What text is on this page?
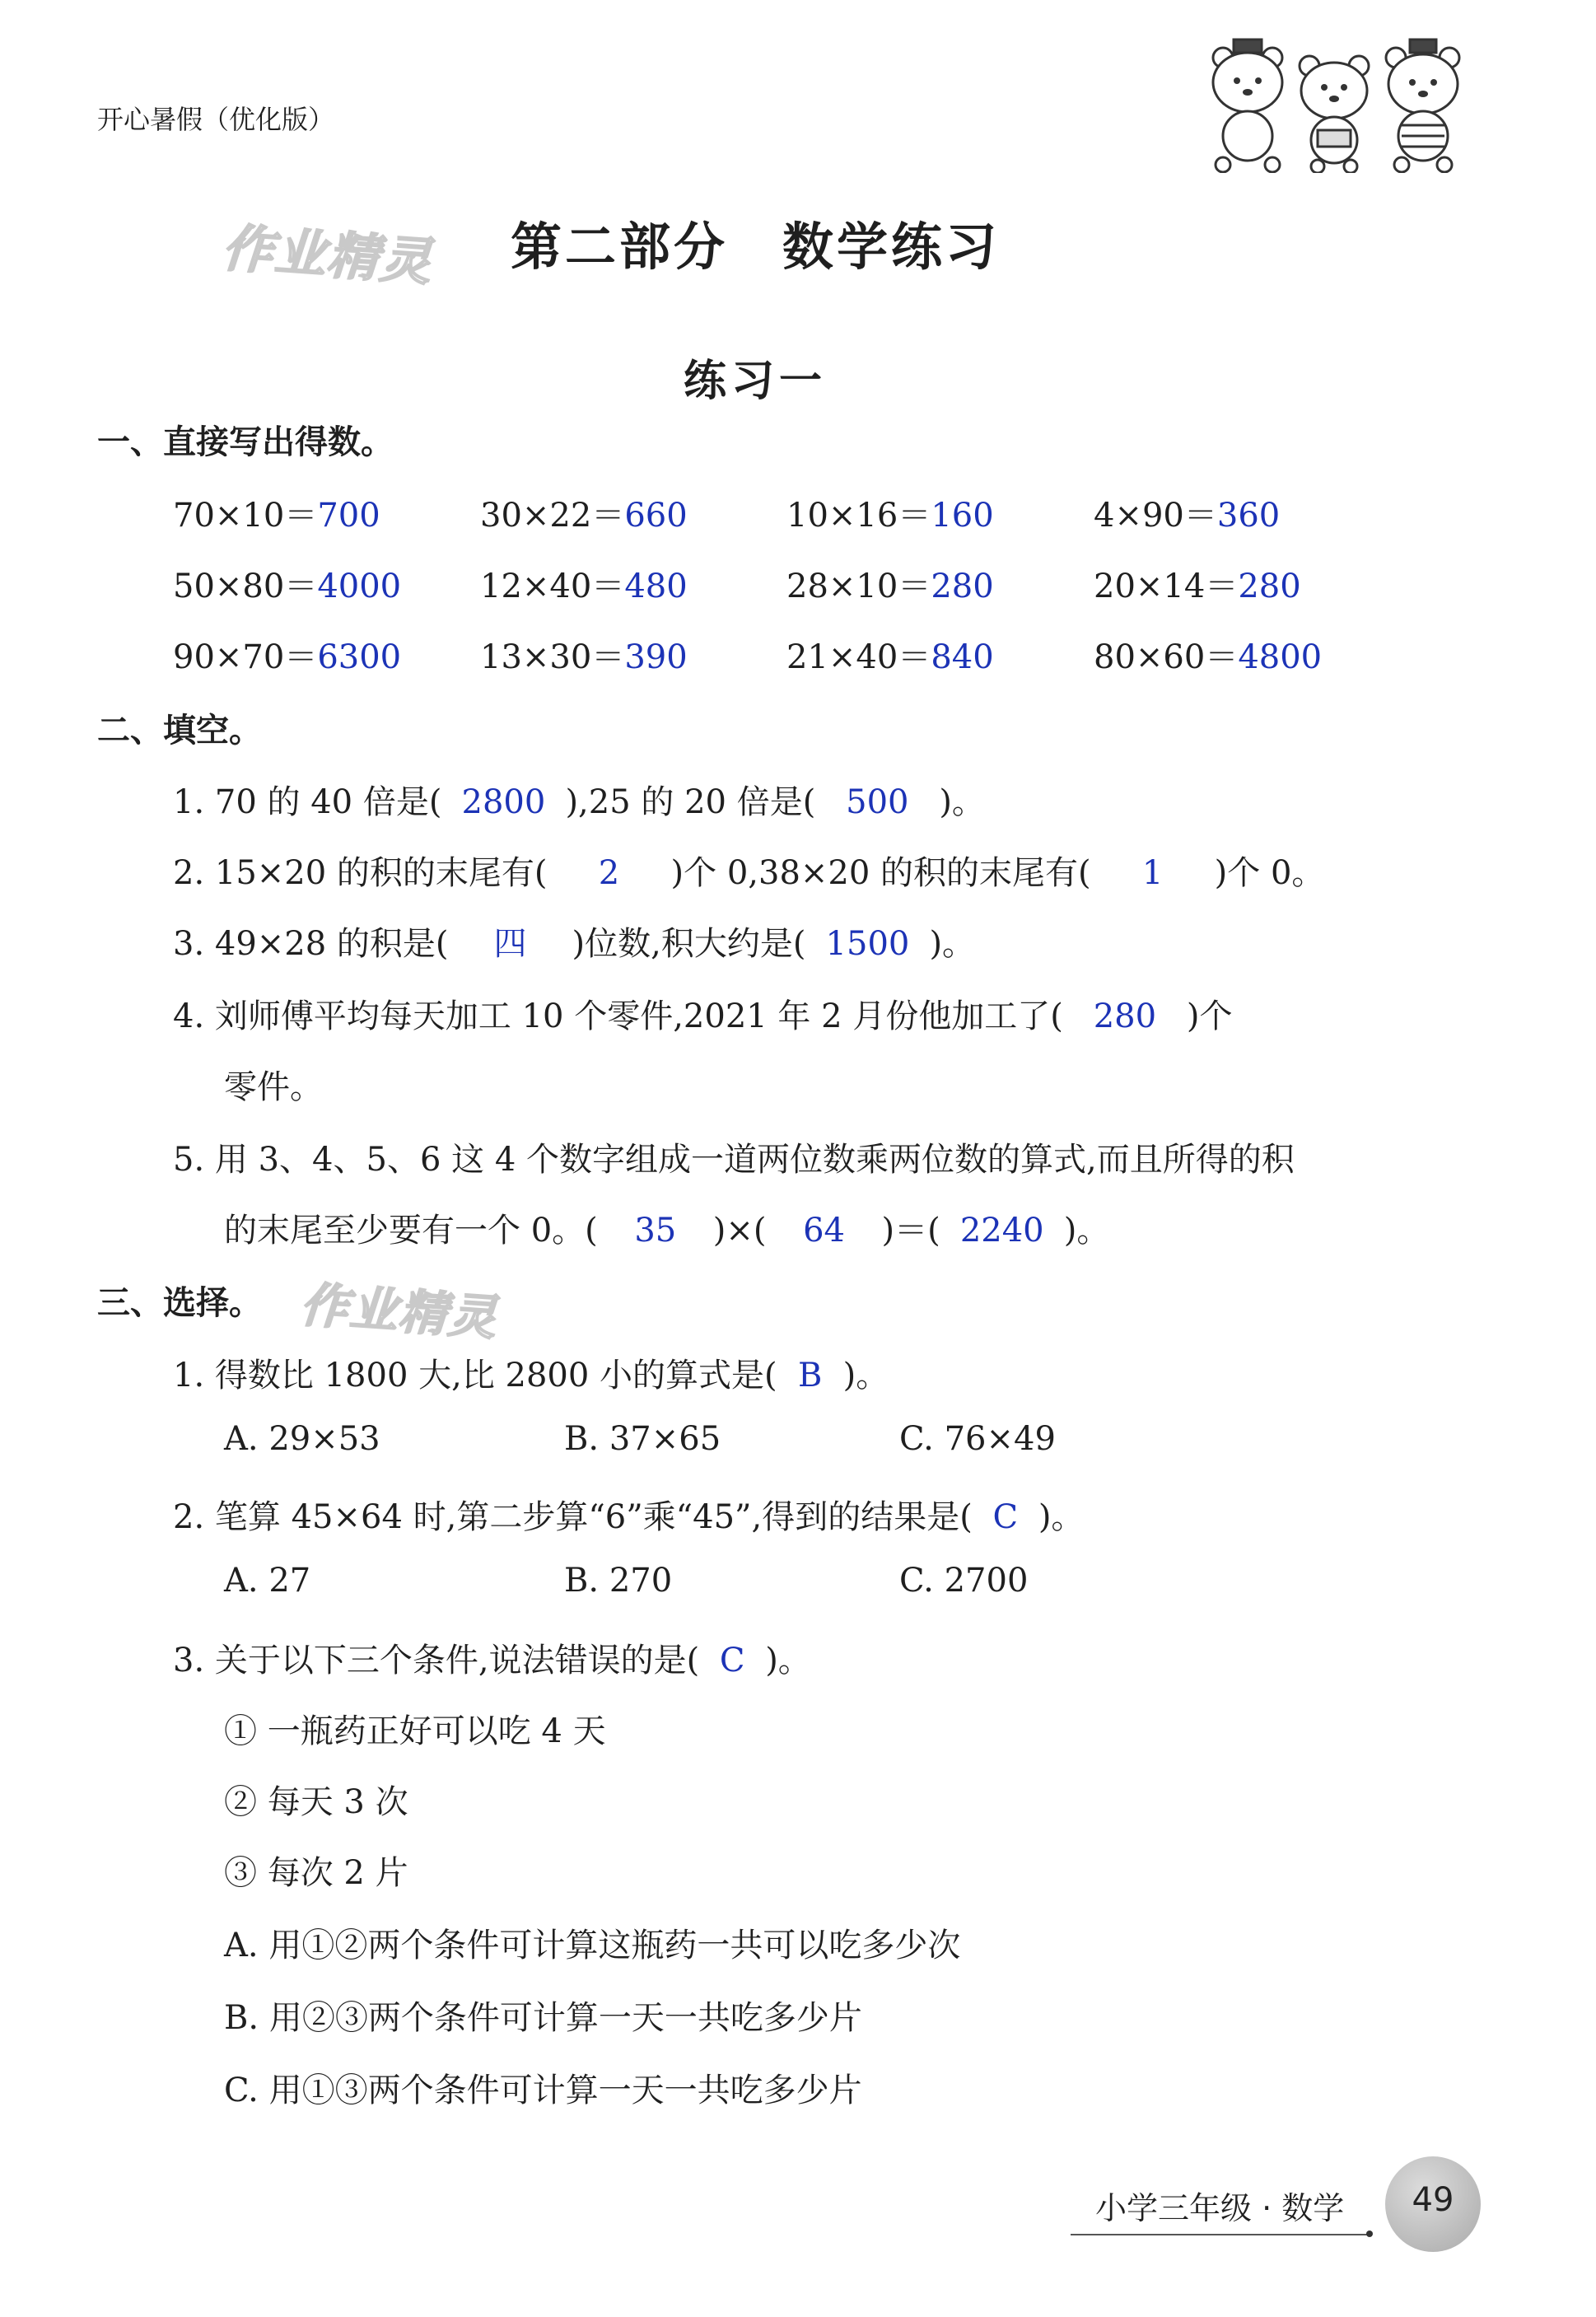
开心暑假（优化版）
作业精灵
作业精灵
第二部分　数学练习
练习一
一、直接写出得数。
70×10＝700	30×22＝660	10×16＝160	4×90＝360
50×80＝4000 12×40＝480	28×10＝280	20×14＝280
90×70＝6300 13×30＝390	21×40＝840	80×60＝4800
二、填空。
1. 70 的 40 倍是( 2800 ),25 的 20 倍是( 500 )。
2. 15×20 的积的末尾有( 2 )个 0,38×20 的积的末尾有( 1 )个 0。
3. 49×28 的积是( 四 )位数,积大约是( 1500 )。
4. 刘师傅平均每天加工 10 个零件,2021 年 2 月份他加工了( 280 )个
零件。
5. 用 3、4、5、6 这 4 个数字组成一道两位数乘两位数的算式,而且所得的积
的末尾至少要有一个 0。( 35 )×( 64 )＝( 2240 )。
三、选择。
1. 得数比 1800 大,比 2800 小的算式是( B )。
A. 29×53	B. 37×65	C. 76×49
2. 笔算 45×64 时,第二步算“6”乘“45”,得到的结果是( C )。
A. 27	B. 270	C. 2700
3. 关于以下三个条件,说法错误的是( C )。
① 一瓶药正好可以吃 4 天
② 每天 3 次
③ 每次 2 片
A. 用①②两个条件可计算这瓶药一共可以吃多少次
B. 用②③两个条件可计算一天一共吃多少片
C. 用①③两个条件可计算一天一共吃多少片
小学三年级 · 数学	49
